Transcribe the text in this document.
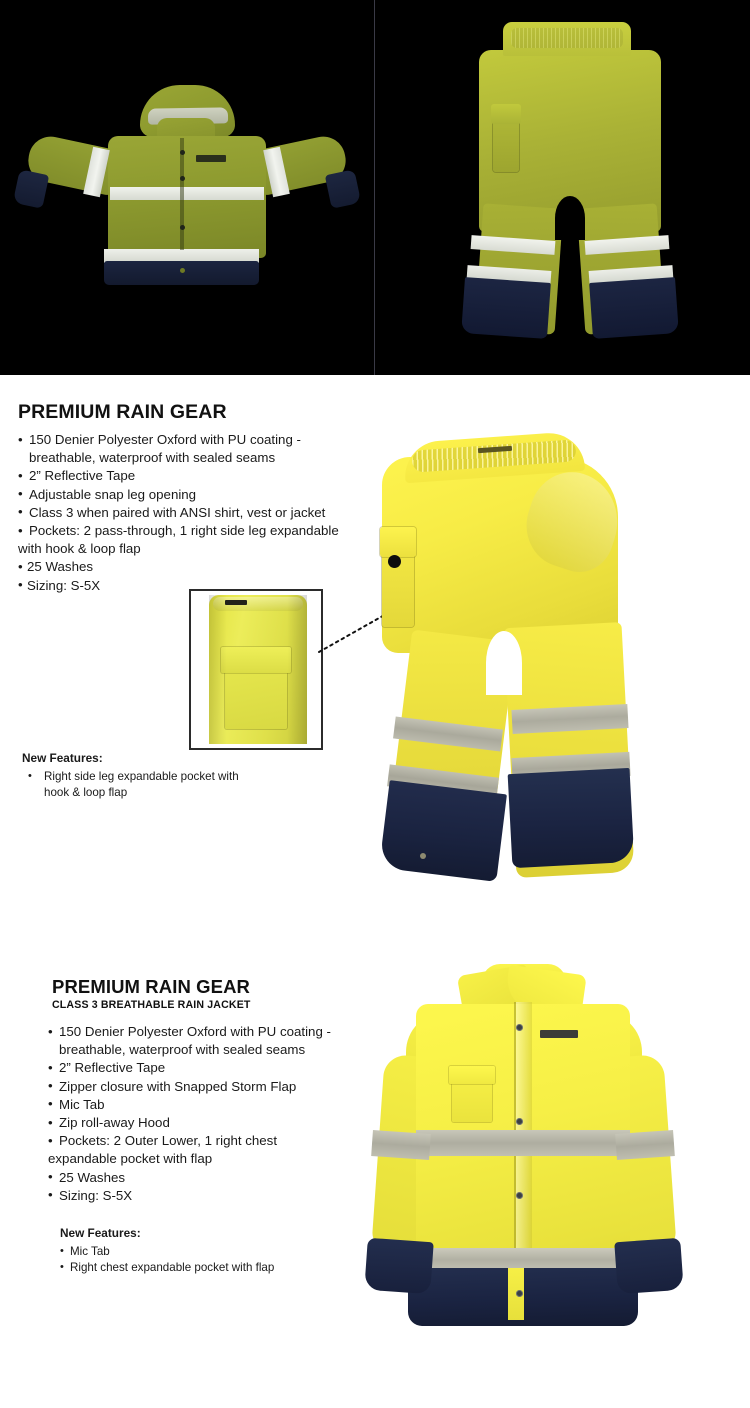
PREMIUM RAIN GEAR
• 150 Denier Polyester Oxford with PU coating -
breathable, waterproof with sealed seams
• 2” Reflective Tape
• Adjustable snap leg opening
• Class 3 when paired with ANSI shirt, vest or jacket
• Pockets: 2 pass-through, 1 right side leg expandable
with hook & loop flap
• 25 Washes
• Sizing: S-5X
New Features:
• Right side leg expandable pocket with
hook & loop flap
PREMIUM RAIN GEAR
CLASS 3 BREATHABLE RAIN JACKET
• 150 Denier Polyester Oxford with PU coating -
breathable, waterproof with sealed seams
• 2” Reflective Tape
• Zipper closure with Snapped Storm Flap
• Mic Tab
• Zip roll-away Hood
• Pockets: 2 Outer Lower, 1 right chest
expandable pocket with flap
• 25 Washes
• Sizing: S-5X
New Features:
• Mic Tab
• Right chest expandable pocket with flap
